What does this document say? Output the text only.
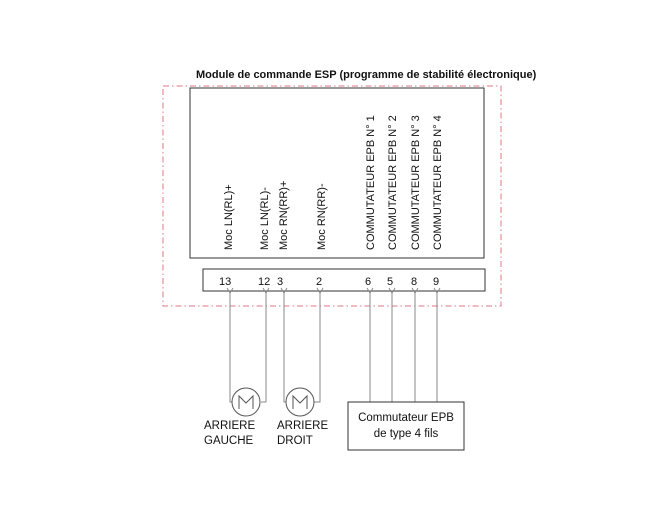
Module de commande ESP (programme de stabilité électronique)
Moc LN(RL)+ Moc LN(RL)- Moc RN(RR)+ Moc RN(RR)-	COMMUTATEUR EPB N° 1 COMMUTATEUR EPB N° 2 COMMUTATEUR EPB N° 3 COMMUTATEUR EPB N° 4
13 12 3	2	6 5 8 9
ARRIERE
GAUCHE
ARRIERE
DROIT
Commutateur EPB
de type 4 fils
